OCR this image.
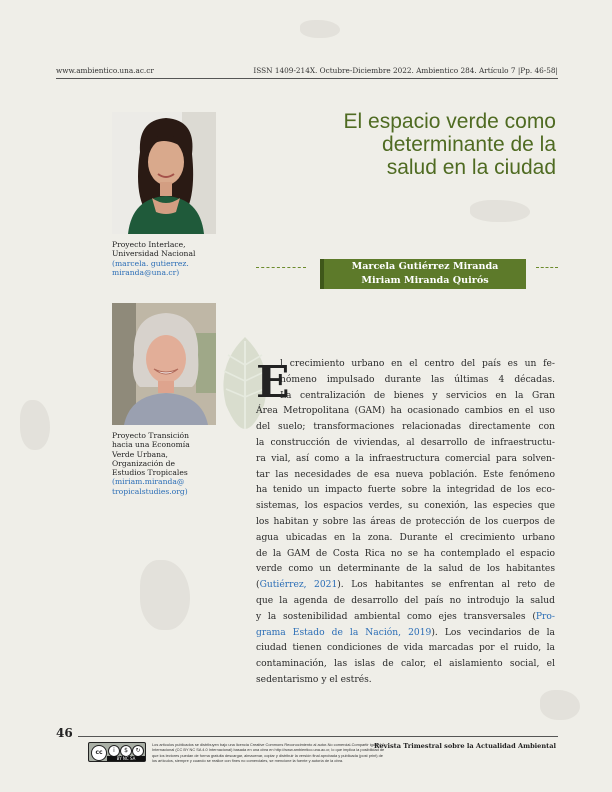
www.ambientico.una.ac.cr	ISSN 1409-214X. Octubre-Diciembre 2022. Ambientico 284. Artículo 7 |Pp. 46-58|
El espacio verde como
determinante de la
salud en la ciudad
Proyecto Interlace,
Universidad Nacional
(marcela. gutierrez.
miranda@una.cr)
Marcela Gutiérrez Miranda
Miriam Miranda Quirós
Proyecto Transición
hacia una Economía
Verde Urbana,
Organización de
Estudios Tropicales
(miriam.miranda@
tropicalstudies.org)
E
l crecimiento urbano en el centro del país es un fe-
nómeno impulsado durante las últimas 4 décadas.
La centralización de bienes y servicios en la Gran
Área Metropolitana (GAM) ha ocasionado cambios en el uso
del suelo; transformaciones relacionadas directamente con
la construcción de viviendas, al desarrollo de infraestructu-
ra vial, así como a la infraestructura comercial para solven-
tar las necesidades de esa nueva población. Este fenómeno
ha tenido un impacto fuerte sobre la integridad de los eco-
sistemas, los espacios verdes, su conexión, las especies que
los habitan y sobre las áreas de protección de los cuerpos de
agua ubicadas en la zona. Durante el crecimiento urbano
de la GAM de Costa Rica no se ha contemplado el espacio
verde como un determinante de la salud de los habitantes
(Gutiérrez, 2021). Los habitantes se enfrentan al reto de
que la agenda de desarrollo del país no introdujo la salud
y la sostenibilidad ambiental como ejes transversales (Pro-
grama Estado de la Nación, 2019). Los vecindarios de la
ciudad tienen condiciones de vida marcadas por el ruido, la
contaminación, las islas de calor, el aislamiento social, el
sedentarismo y el estrés.
46
cc	i	$	↻
BY NC SA
Los artículos publicados se distribuyen bajo una licencia Creative Commons Reconocimiento al autor-No comercial-Compartir igual 4.0 Internacional (CC BY NC SA 4.0 Internacional) basada en una obra en http://www.ambientico.una.ac.cr, lo que implica la posibilidad de que los lectores puedan de forma gratuita descargar, almacenar, copiar y distribuir la versión final aprobada y publicada (post print) de los artículos, siempre y cuando se realice con fines no comerciales, se mencione la fuente y autoría de la obra.
Revista Trimestral sobre la Actualidad Ambiental
